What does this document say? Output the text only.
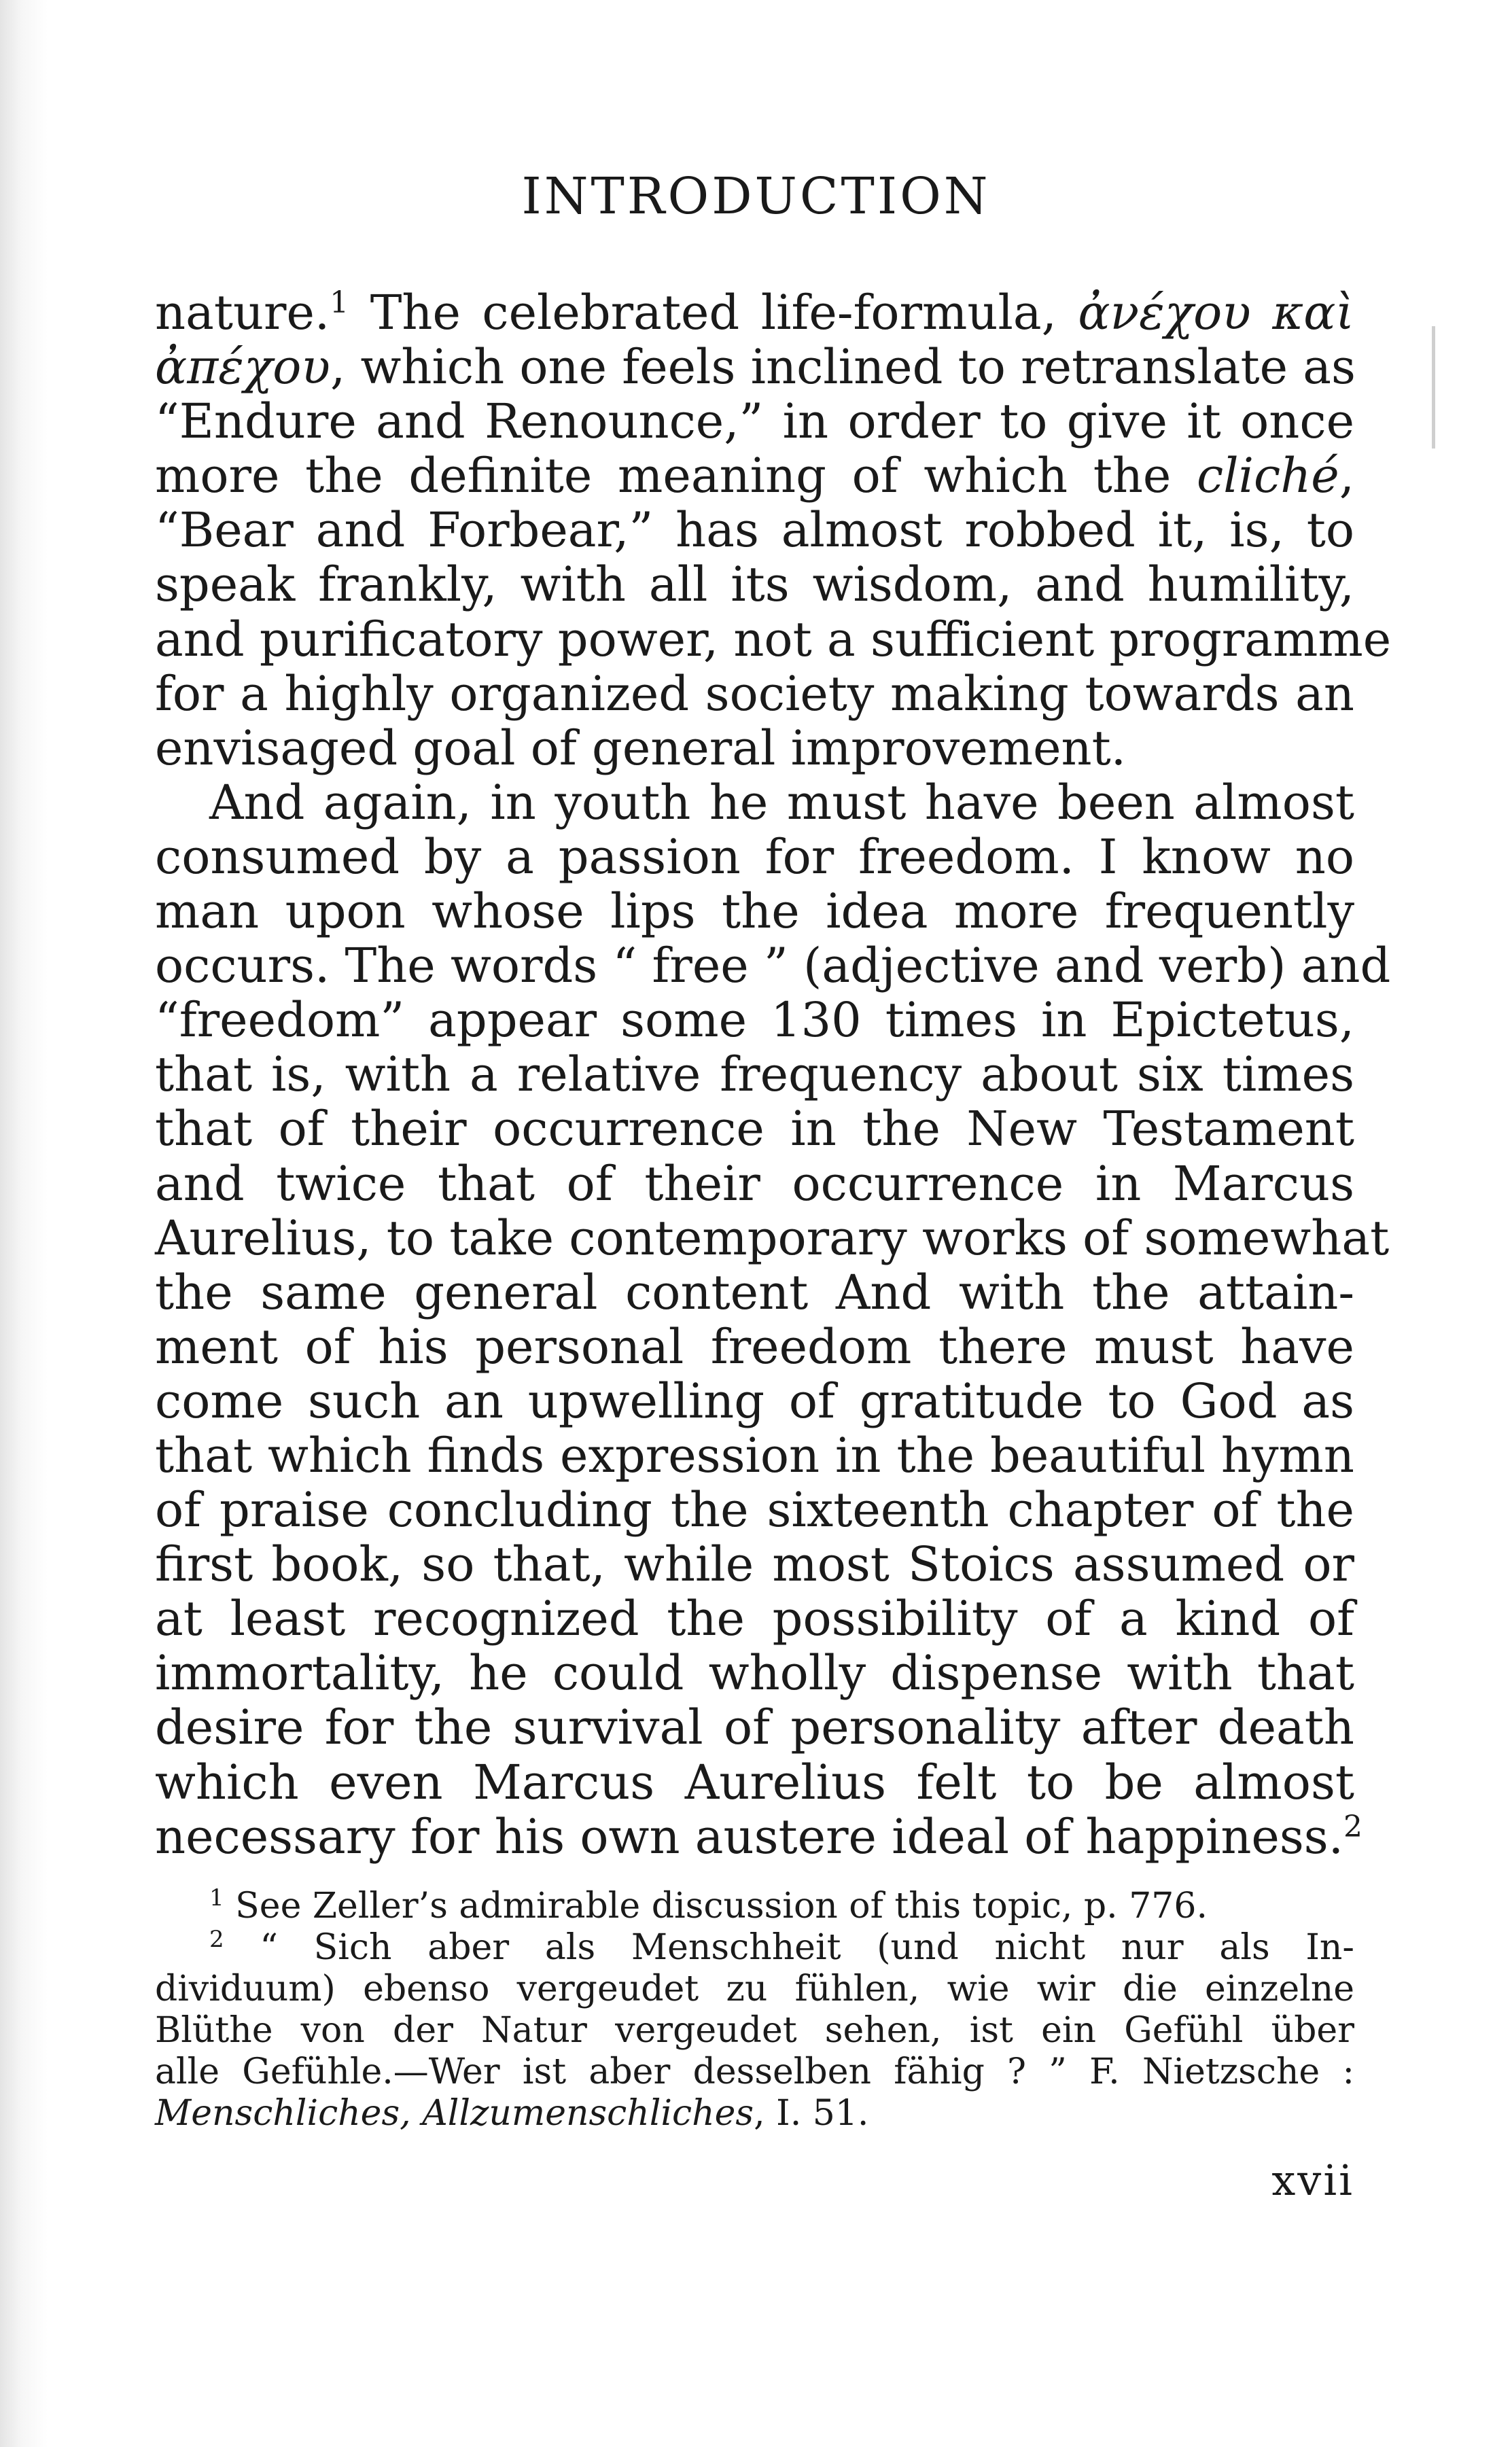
INTRODUCTION
nature.$^1$ The celebrated life-formula, ἀνέχου καὶ
ἀπέχου, which one feels inclined to retranslate as
“Endure and Renounce,” in order to give it once
more the definite meaning of which the cliché,
“Bear and Forbear,” has almost robbed it, is, to
speak frankly, with all its wisdom, and humility,
and purificatory power, not a sufficient programme
for a highly organized society making towards an
envisaged goal of general improvement.
And again, in youth he must have been almost
consumed by a passion for freedom. I know no
man upon whose lips the idea more frequently
occurs. The words “ free ” (adjective and verb) and
“freedom” appear some 130 times in Epictetus,
that is, with a relative frequency about six times
that of their occurrence in the New Testament
and twice that of their occurrence in Marcus
Aurelius, to take contemporary works of somewhat
the same general content And with the attain-
ment of his personal freedom there must have
come such an upwelling of gratitude to God as
that which finds expression in the beautiful hymn
of praise concluding the sixteenth chapter of the
first book, so that, while most Stoics assumed or
at least recognized the possibility of a kind of
immortality, he could wholly dispense with that
desire for the survival of personality after death
which even Marcus Aurelius felt to be almost
necessary for his own austere ideal of happiness.$^2$
$^1$ See Zeller’s admirable discussion of this topic, p. 776.
$^2$ “ Sich aber als Menschheit (und nicht nur als In-
dividuum) ebenso vergeudet zu fühlen, wie wir die einzelne
Blüthe von der Natur vergeudet sehen, ist ein Gefühl über
alle Gefühle.—Wer ist aber desselben fähig ? ” F. Nietzsche :
Menschliches, Allzumenschliches, I. 51.
xvii
